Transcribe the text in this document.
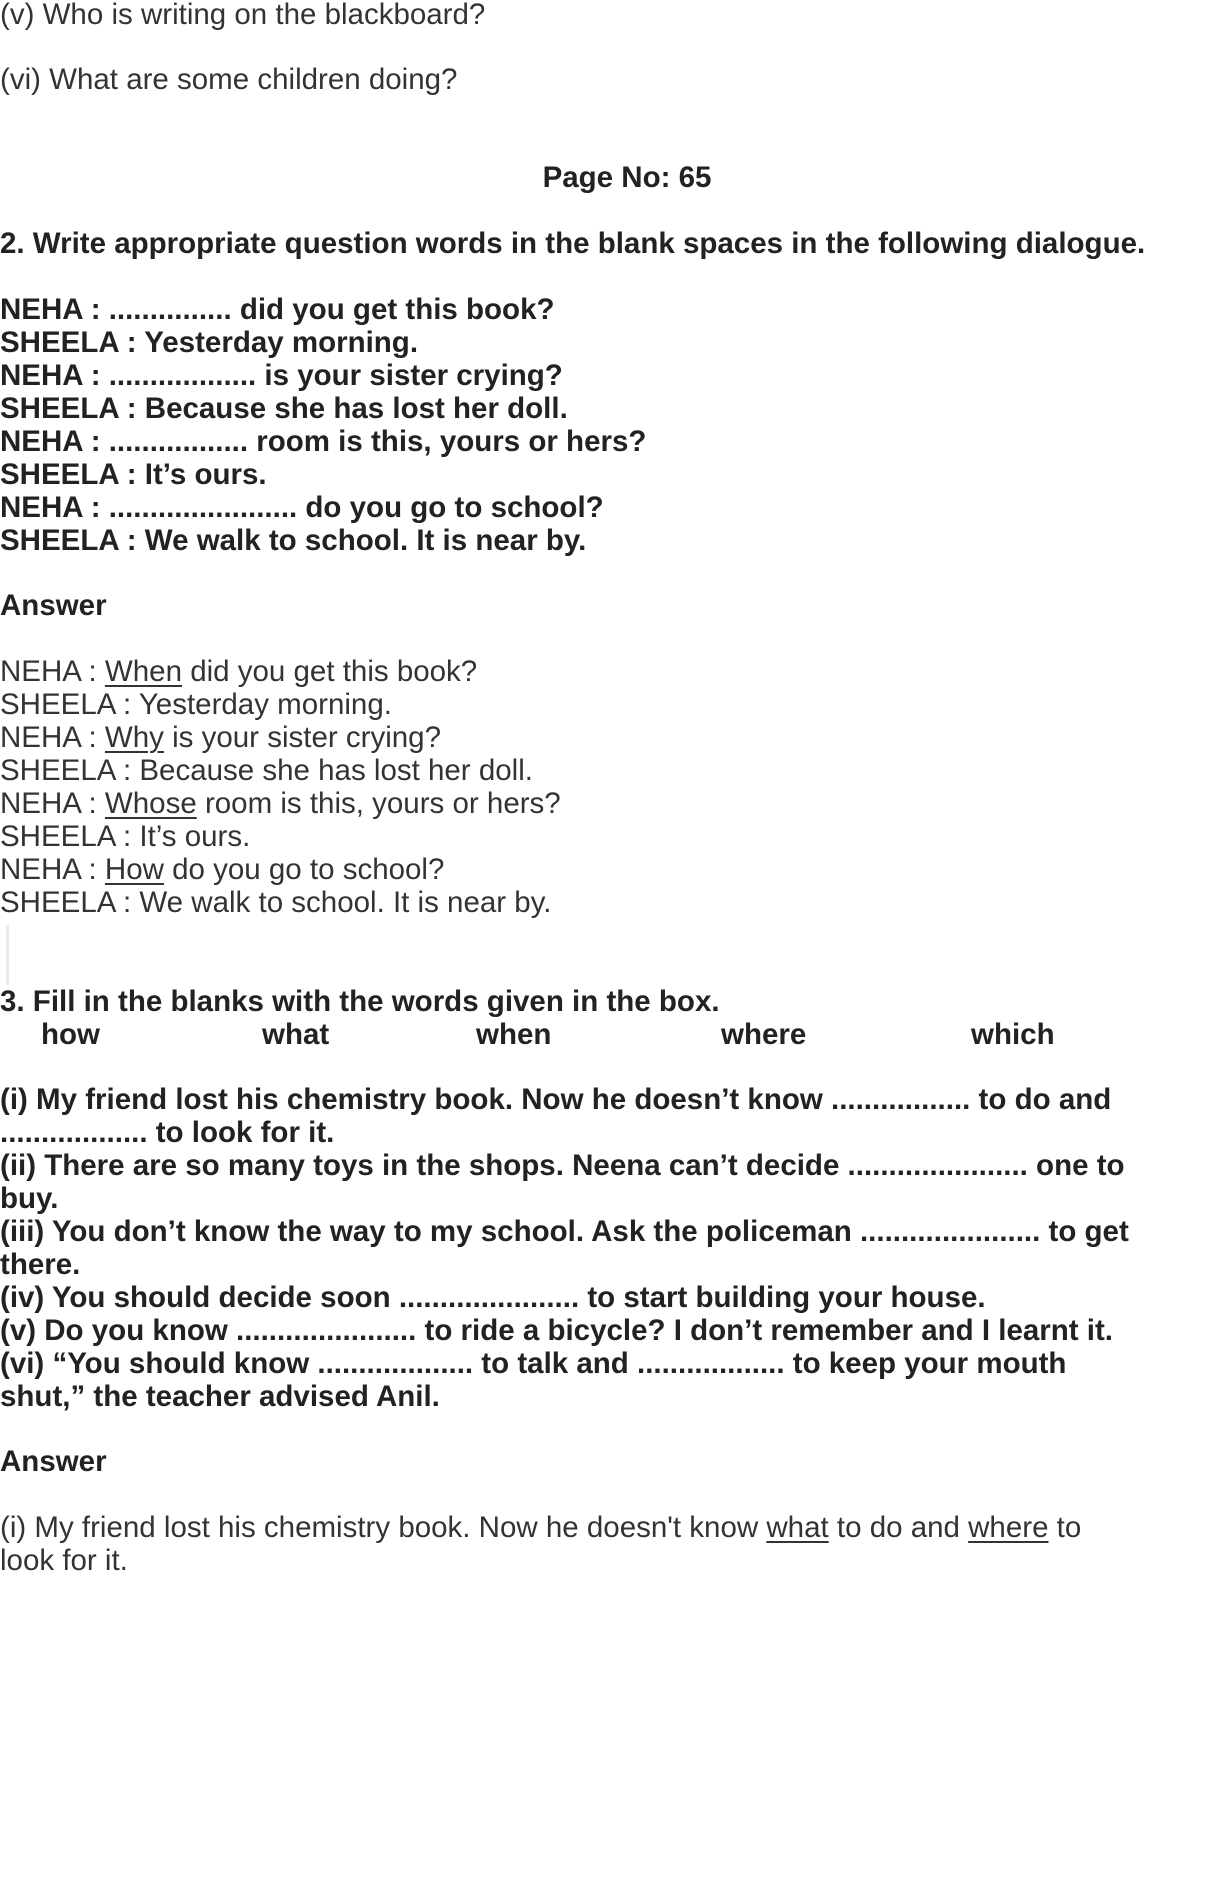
(v) Who is writing on the blackboard?
(vi) What are some children doing?
Page No: 65
2. Write appropriate question words in the blank spaces in the following dialogue.
NEHA : ............... did you get this book?
SHEELA : Yesterday morning.
NEHA : .................. is your sister crying?
SHEELA : Because she has lost her doll.
NEHA : ................. room is this, yours or hers?
SHEELA : It’s ours.
NEHA : ....................... do you go to school?
SHEELA : We walk to school. It is near by.
Answer
NEHA : When did you get this book?
SHEELA : Yesterday morning.
NEHA : Why is your sister crying?
SHEELA : Because she has lost her doll.
NEHA : Whose room is this, yours or hers?
SHEELA : It’s ours.
NEHA : How do you go to school?
SHEELA : We walk to school. It is near by.
3. Fill in the blanks with the words given in the box.
how	what	when	where	which
(i) My friend lost his chemistry book. Now he doesn’t know ................. to do and
.................. to look for it.
(ii) There are so many toys in the shops. Neena can’t decide ...................... one to
buy.
(iii) You don’t know the way to my school. Ask the policeman ...................... to get
there.
(iv) You should decide soon ...................... to start building your house.
(v) Do you know ...................... to ride a bicycle? I don’t remember and I learnt it.
(vi) “You should know ................... to talk and .................. to keep your mouth
shut,” the teacher advised Anil.
Answer
(i) My friend lost his chemistry book. Now he doesn't know what to do and where to
look for it.
